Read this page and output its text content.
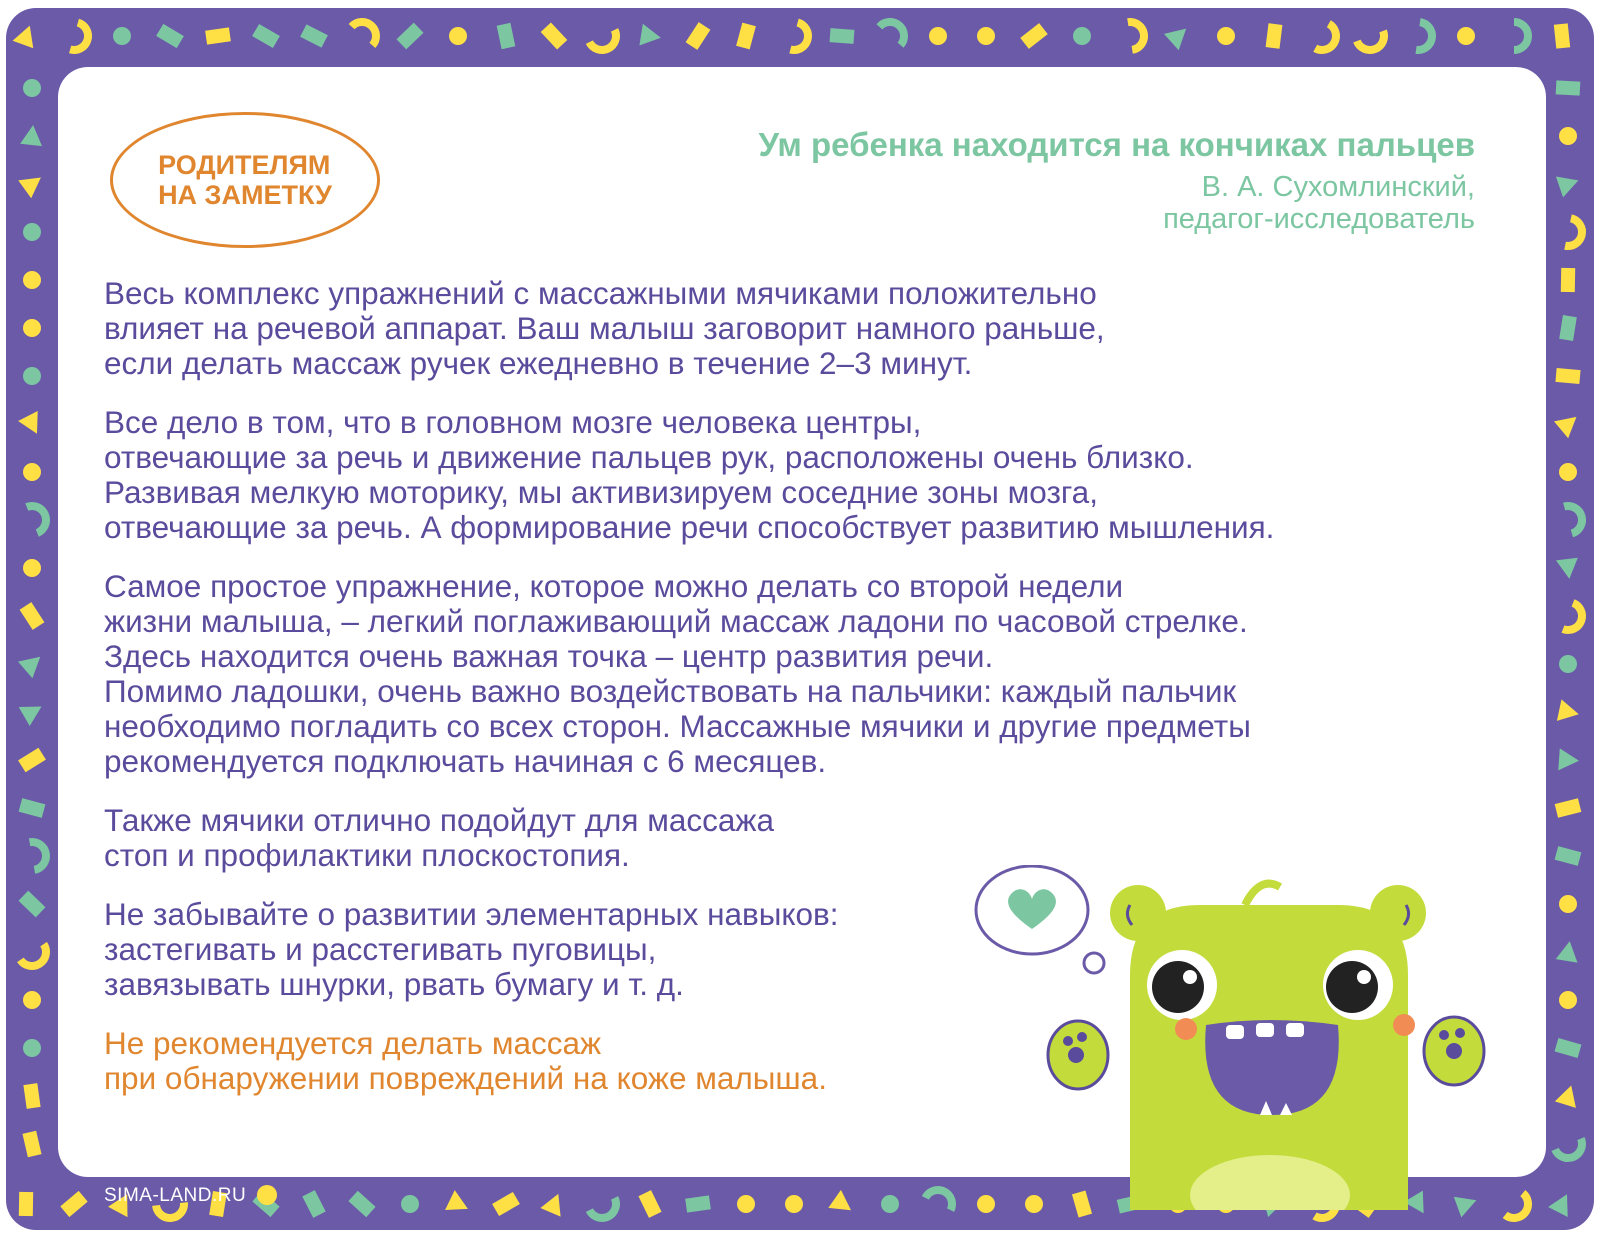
РОДИТЕЛЯМ
НА ЗАМЕТКУ
Ум ребенка находится на кончиках пальцев
В. А. Сухомлинский,
педагог-исследователь

Весь комплекс упражнений с массажными мячиками положительно
влияет на речевой аппарат. Ваш малыш заговорит намного раньше,
если делать массаж ручек ежедневно в течение 2–3 минут.

Все дело в том, что в головном мозге человека центры,
отвечающие за речь и движение пальцев рук, расположены очень близко.
Развивая мелкую моторику, мы активизируем соседние зоны мозга,
отвечающие за речь. А формирование речи способствует развитию мышления.

Самое простое упражнение, которое можно делать со второй недели
жизни малыша, – легкий поглаживающий массаж ладони по часовой стрелке.
Здесь находится очень важная точка – центр развития речи.
Помимо ладошки, очень важно воздействовать на пальчики: каждый пальчик
необходимо погладить со всех сторон. Массажные мячики и другие предметы
рекомендуется подключать начиная с 6 месяцев.

Также мячики отлично подойдут для массажа
стоп и профилактики плоскостопия.

Не забывайте о развитии элементарных навыков:
застегивать и расстегивать пуговицы,
завязывать шнурки, рвать бумагу и т. д.

Не рекомендуется делать массаж
при обнаружении повреждений на коже малыша.

SIMA-LAND.RU
